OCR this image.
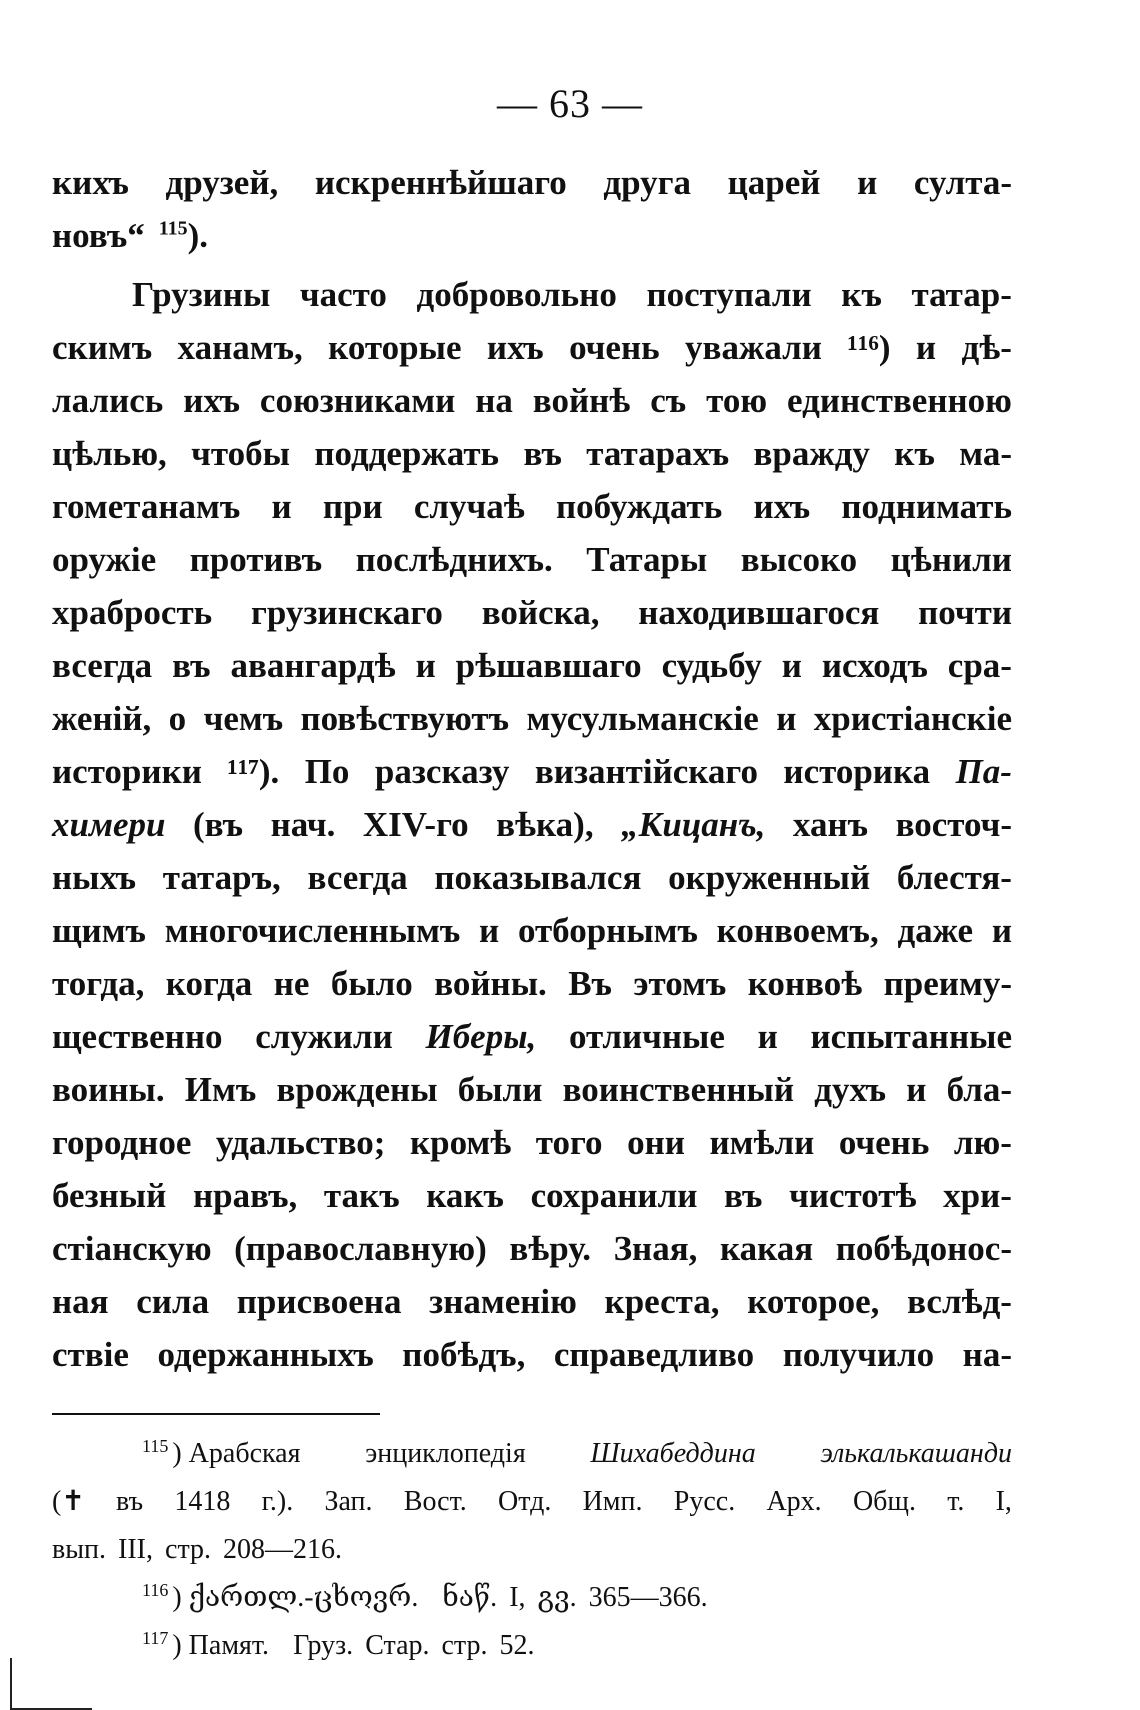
— 63 —
кихъ друзей, искреннѣйшаго друга царей и султа-
новъ“ $^{115}$).
Грузины часто добровольно поступали къ татар-
скимъ ханамъ, которые ихъ очень уважали ¹¹⁶) и дѣ-
лались ихъ союзниками на войнѣ съ тою единственною
цѣлью, чтобы поддержать въ татарахъ вражду къ ма-
гометанамъ и при случаѣ побуждать ихъ поднимать
оружіе противъ послѣднихъ. Татары высоко цѣнили
храбрость грузинскаго войска, находившагося почти
всегда въ авангардѣ и рѣшавшаго судьбу и исходъ сра-
женій, о чемъ повѣствуютъ мусульманскіе и христіанскіе
историки ¹¹⁷). По разсказу византійскаго историка Па-
химери (въ нач. XIV-го вѣка), „Кицанъ, ханъ восточ-
ныхъ татаръ, всегда показывался окруженный блестя-
щимъ многочисленнымъ и отборнымъ конвоемъ, даже и
тогда, когда не было войны. Въ этомъ конвоѣ преиму-
щественно служили Иберы, отличные и испытанные
воины. Имъ врождены были воинственный духъ и бла-
городное удальство; кромѣ того они имѣли очень лю-
безный нравъ, такъ какъ сохранили въ чистотѣ хри-
стіанскую (православную) вѣру. Зная, какая побѣдонос-
ная сила присвоена знаменію креста, которое, вслѣд-
ствіе одержанныхъ побѣдъ, справедливо получило на-
$^{115}$ ) Арабская энциклопедія Шихабеддина элькалькашанди
(✝ въ 1418 г.). Зап. Вост. Отд. Имп. Русс. Арх. Общ. т. I,
вып. III, стр. 208—216.
$^{116}$ ) ქართლ.-ცხოვრ. ნაწ. I, გვ. 365—366.
$^{117}$ ) Памят. Груз. Стар. стр. 52.
